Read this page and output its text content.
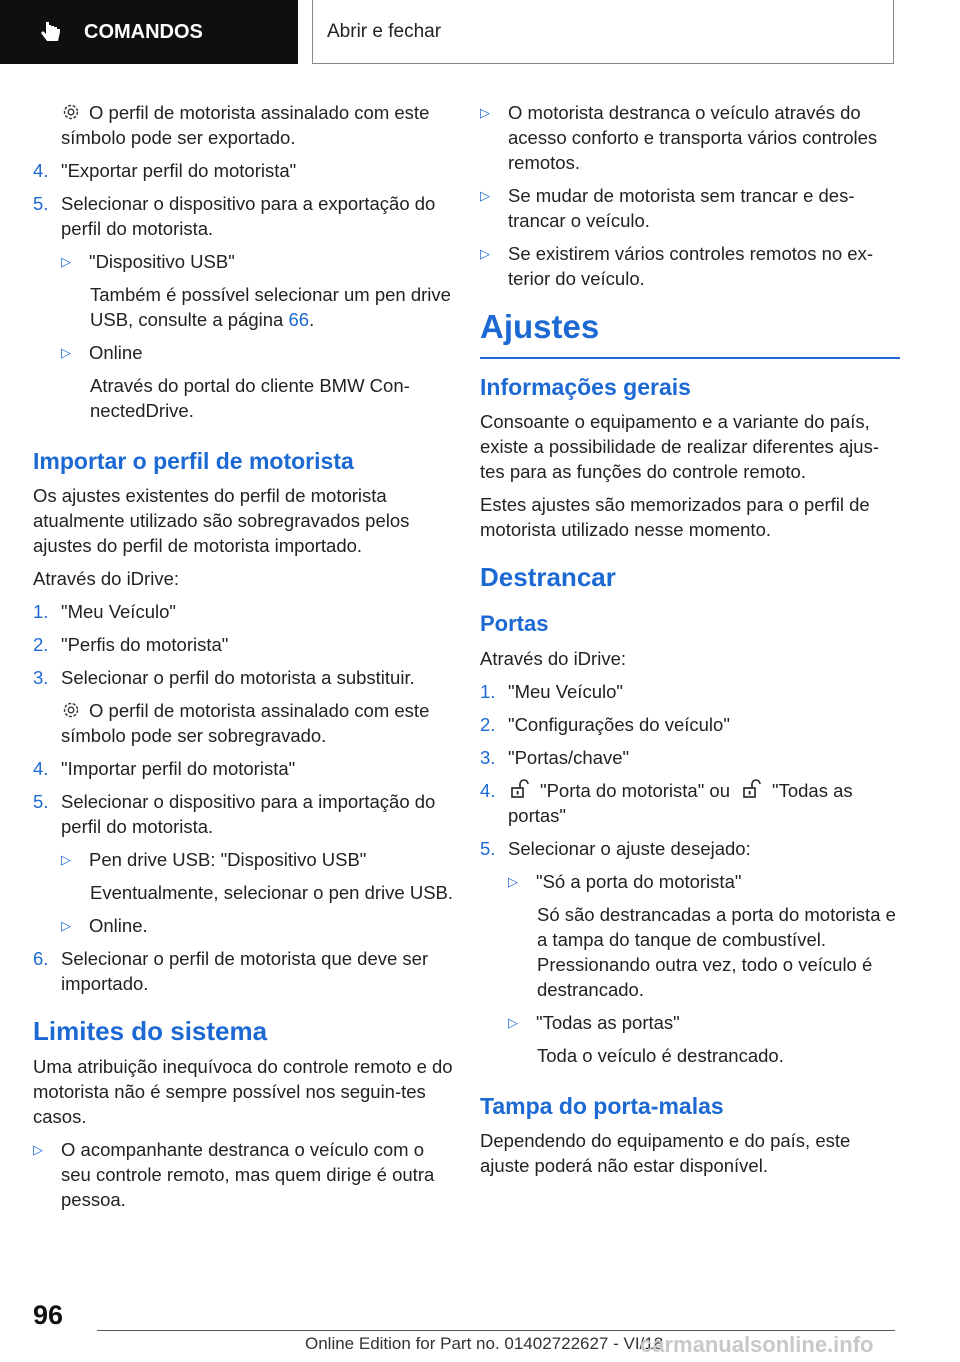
COMANDOS	Abrir e fechar

O perfil de motorista assinalado com este símbolo pode ser exportado.

4. "Exportar perfil do motorista"
5. Selecionar o dispositivo para a exportação do perfil do motorista.
▷ "Dispositivo USB"

Também é possível selecionar um pen drive USB, consulte a página 66.

▷ Online

Através do portal do cliente BMW Con-nectedDrive.

Importar o perfil de motorista

Os ajustes existentes do perfil de motorista atualmente utilizado são sobregravados pelos ajustes do perfil de motorista importado.

Através do iDrive:

1. "Meu Veículo"
2. "Perfis do motorista"
3. Selecionar o perfil do motorista a substituir.

O perfil de motorista assinalado com este símbolo pode ser sobregravado.

4. "Importar perfil do motorista"
5. Selecionar o dispositivo para a importação do perfil do motorista.
▷ Pen drive USB: "Dispositivo USB"

Eventualmente, selecionar o pen drive USB.

▷ Online.
6. Selecionar o perfil de motorista que deve ser importado.
Limites do sistema

Uma atribuição inequívoca do controle remoto e do motorista não é sempre possível nos seguin-tes casos.

▷ O acompanhante destranca o veículo com o seu controle remoto, mas quem dirige é outra pessoa.
▷ O motorista destranca o veículo através do acesso conforto e transporta vários controles remotos.
▷ Se mudar de motorista sem trancar e des-trancar o veículo.
▷ Se existirem vários controles remotos no ex-terior do veículo.
Ajustes
Informações gerais

Consoante o equipamento e a variante do país, existe a possibilidade de realizar diferentes ajus-tes para as funções do controle remoto.

Estes ajustes são memorizados para o perfil de motorista utilizado nesse momento.

Destrancar
Portas

Através do iDrive:

1. "Meu Veículo"
2. "Configurações do veículo"
3. "Portas/chave"
4.	"Porta do motorista" ou "Todas as portas"
5. Selecionar o ajuste desejado:
▷ "Só a porta do motorista"

Só são destrancadas a porta do motorista e a tampa do tanque de combustível. Pressionando outra vez, todo o veículo é destrancado.

▷ "Todas as portas"

Toda o veículo é destrancado.

Tampa do porta-malas

Dependendo do equipamento e do país, este ajuste poderá não estar disponível.

96
Online Edition for Part no. 01402722627 - VI/18
carmanualsonline.info
